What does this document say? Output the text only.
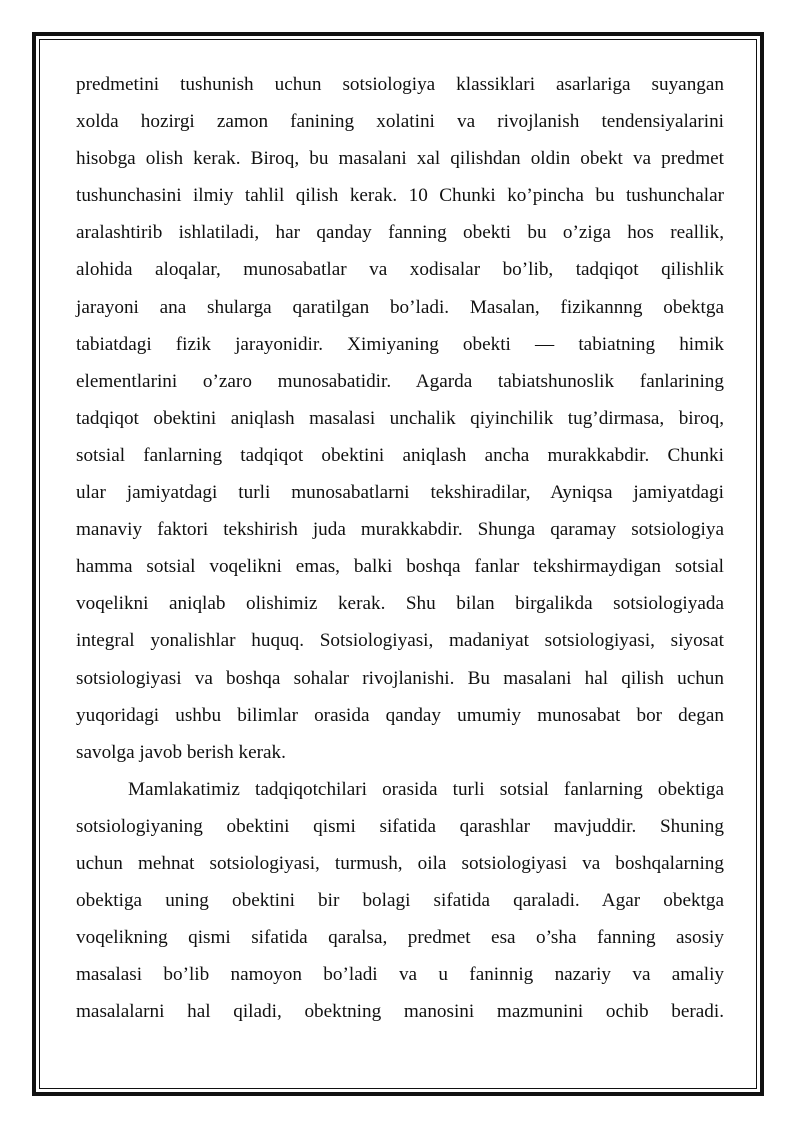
predmetini tushunish uchun sotsiologiya klassiklari asarlariga suyangan
xolda hozirgi zamon fanining xolatini va rivojlanish tendensiyalarini
hisobga olish kerak. Biroq, bu masalani xal qilishdan oldin obekt va predmet
tushunchasini ilmiy tahlil qilish kerak. 10 Chunki ko’pincha bu tushunchalar
aralashtirib ishlatiladi, har qanday fanning obekti bu o’ziga hos reallik,
alohida aloqalar, munosabatlar va xodisalar bo’lib, tadqiqot qilishlik
jarayoni ana shularga qaratilgan bo’ladi. Masalan, fizikannng obektga
tabiatdagi fizik jarayonidir. Ximiyaning obekti — tabiatning himik
elementlarini o’zaro munosabatidir. Agarda tabiatshunoslik fanlarining
tadqiqot obektini aniqlash masalasi unchalik qiyinchilik tug’dirmasa, biroq,
sotsial fanlarning tadqiqot obektini aniqlash ancha murakkabdir. Chunki
ular jamiyatdagi turli munosabatlarni tekshiradilar, Ayniqsa jamiyatdagi
manaviy faktori tekshirish juda murakkabdir. Shunga qaramay sotsiologiya
hamma sotsial voqelikni emas, balki boshqa fanlar tekshirmaydigan sotsial
voqelikni aniqlab olishimiz kerak. Shu bilan birgalikda sotsiologiyada
integral yonalishlar huquq. Sotsiologiyasi, madaniyat sotsiologiyasi, siyosat
sotsiologiyasi va boshqa sohalar rivojlanishi. Bu masalani hal qilish uchun
yuqoridagi ushbu bilimlar orasida qanday umumiy munosabat bor degan
savolga javob berish kerak.
Mamlakatimiz tadqiqotchilari orasida turli sotsial fanlarning obektiga
sotsiologiyaning obektini qismi sifatida qarashlar mavjuddir. Shuning
uchun mehnat sotsiologiyasi, turmush, oila sotsiologiyasi va boshqalarning
obektiga uning obektini bir bolagi sifatida qaraladi. Agar obektga
voqelikning qismi sifatida qaralsa, predmet esa o’sha fanning asosiy
masalasi bo’lib namoyon bo’ladi va u faninnig nazariy va amaliy
masalalarni hal qiladi, obektning manosini mazmunini ochib beradi.
